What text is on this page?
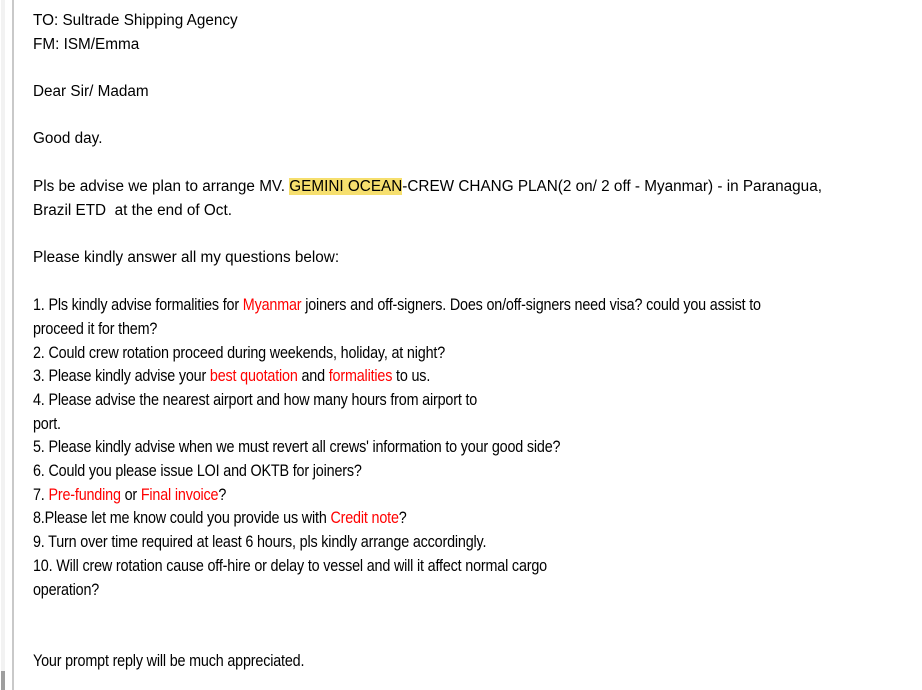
TO: Sultrade Shipping Agency
FM: ISM/Emma

Dear Sir/ Madam

Good day.

Pls be advise we plan to arrange MV. GEMINI OCEAN-CREW CHANG PLAN(2 on/ 2 off - Myanmar) - in Paranagua,
Brazil ETD  at the end of Oct.

Please kindly answer all my questions below:

1. Pls kindly advise formalities for Myanmar joiners and off-signers. Does on/off-signers need visa? could you assist to
proceed it for them?
2. Could crew rotation proceed during weekends, holiday, at night?
3. Please kindly advise your best quotation and formalities to us.
4. Please advise the nearest airport and how many hours from airport to
port.
5. Please kindly advise when we must revert all crews' information to your good side?
6. Could you please issue LOI and OKTB for joiners?
7. Pre-funding or Final invoice?
8.Please let me know could you provide us with Credit note?
9. Turn over time required at least 6 hours, pls kindly arrange accordingly.
10. Will crew rotation cause off-hire or delay to vessel and will it affect normal cargo
operation?

Your prompt reply will be much appreciated.
